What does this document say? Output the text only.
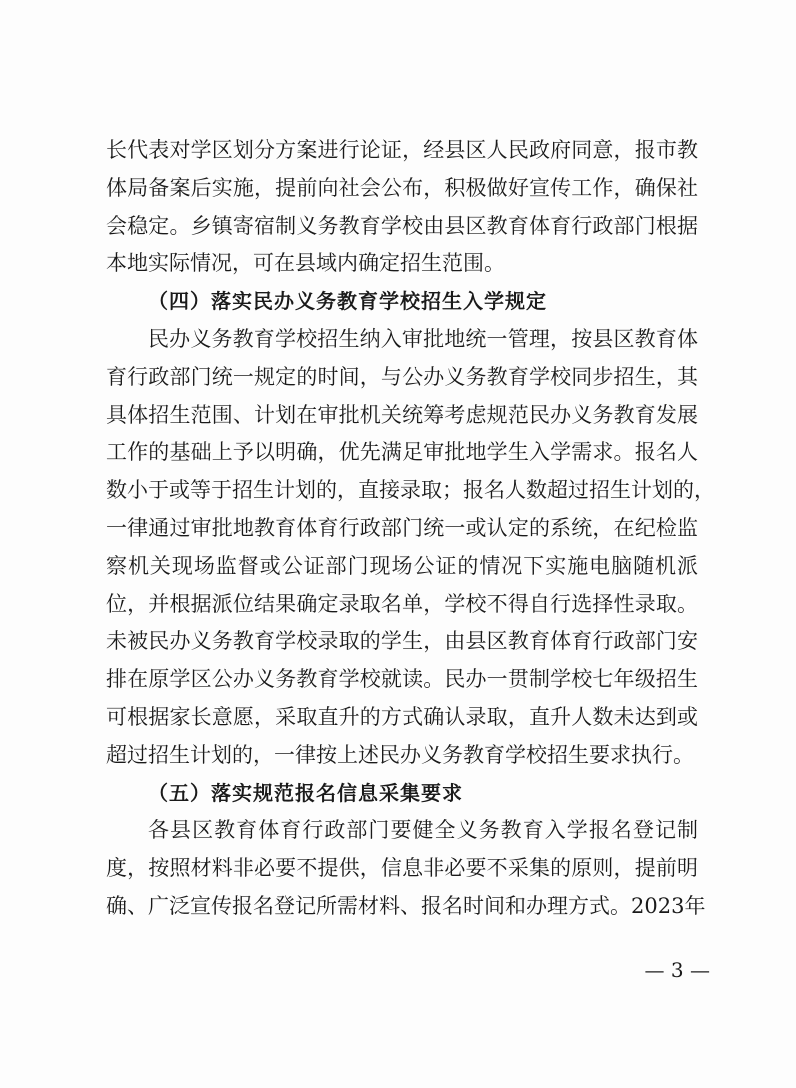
长代表对学区划分方案进行论证，经县区人民政府同意，报市教
体局备案后实施，提前向社会公布，积极做好宣传工作，确保社
会稳定。乡镇寄宿制义务教育学校由县区教育体育行政部门根据
本地实际情况，可在县域内确定招生范围。
（四）落实民办义务教育学校招生入学规定
民办义务教育学校招生纳入审批地统一管理，按县区教育体
育行政部门统一规定的时间，与公办义务教育学校同步招生，其
具体招生范围、计划在审批机关统筹考虑规范民办义务教育发展
工作的基础上予以明确，优先满足审批地学生入学需求。报名人
数小于或等于招生计划的，直接录取；报名人数超过招生计划的，
一律通过审批地教育体育行政部门统一或认定的系统，在纪检监
察机关现场监督或公证部门现场公证的情况下实施电脑随机派
位，并根据派位结果确定录取名单，学校不得自行选择性录取。
未被民办义务教育学校录取的学生，由县区教育体育行政部门安
排在原学区公办义务教育学校就读。民办一贯制学校七年级招生
可根据家长意愿，采取直升的方式确认录取，直升人数未达到或
超过招生计划的，一律按上述民办义务教育学校招生要求执行。
（五）落实规范报名信息采集要求
各县区教育体育行政部门要健全义务教育入学报名登记制
度，按照材料非必要不提供，信息非必要不采集的原则，提前明
确、广泛宣传报名登记所需材料、报名时间和办理方式。2023年
— 3 —
